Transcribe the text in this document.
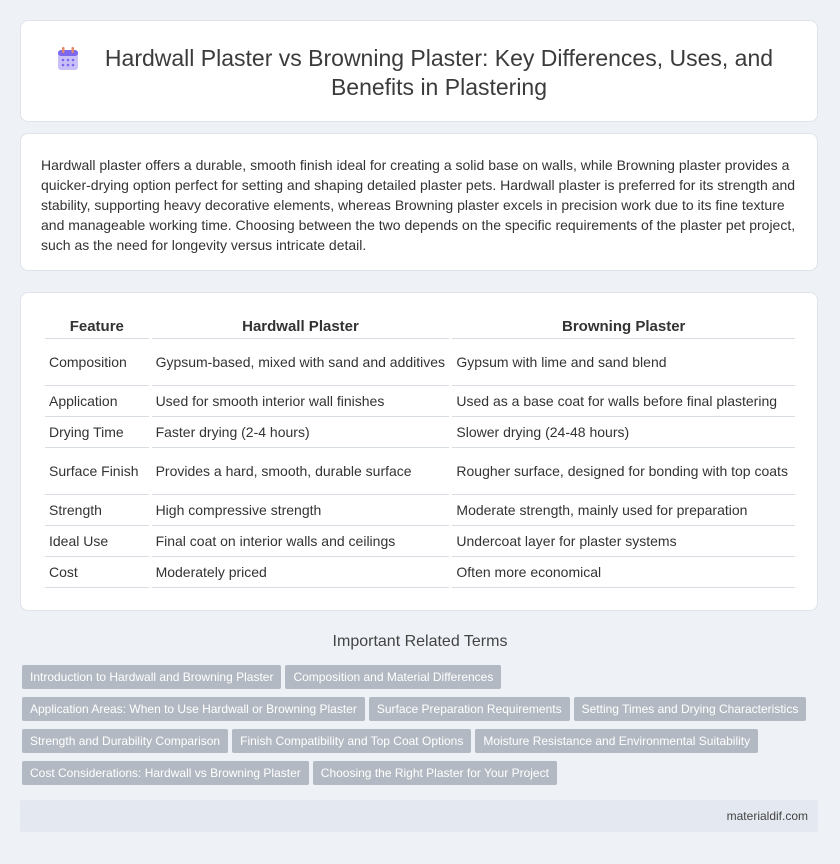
Hardwall Plaster vs Browning Plaster: Key Differences, Uses, and Benefits in Plastering

Hardwall plaster offers a durable, smooth finish ideal for creating a solid base on walls, while Browning plaster provides a quicker-drying option perfect for setting and shaping detailed plaster pets. Hardwall plaster is preferred for its strength and stability, supporting heavy decorative elements, whereas Browning plaster excels in precision work due to its fine texture and manageable working time. Choosing between the two depends on the specific requirements of the plaster pet project, such as the need for longevity versus intricate detail.

Feature	Hardwall Plaster	Browning Plaster
Composition	Gypsum-based, mixed with sand and additives	Gypsum with lime and sand blend
Application	Used for smooth interior wall finishes	Used as a base coat for walls before final plastering
Drying Time	Faster drying (2-4 hours)	Slower drying (24-48 hours)
Surface Finish	Provides a hard, smooth, durable surface	Rougher surface, designed for bonding with top coats
Strength	High compressive strength	Moderate strength, mainly used for preparation
Ideal Use	Final coat on interior walls and ceilings	Undercoat layer for plaster systems
Cost	Moderately priced	Often more economical
Important Related Terms
Introduction to Hardwall and Browning Plaster Composition and Material Differences
Application Areas: When to Use Hardwall or Browning Plaster Surface Preparation Requirements Setting Times and Drying Characteristics
Strength and Durability Comparison Finish Compatibility and Top Coat Options Moisture Resistance and Environmental Suitability
Cost Considerations: Hardwall vs Browning Plaster Choosing the Right Plaster for Your Project
materialdif.com
